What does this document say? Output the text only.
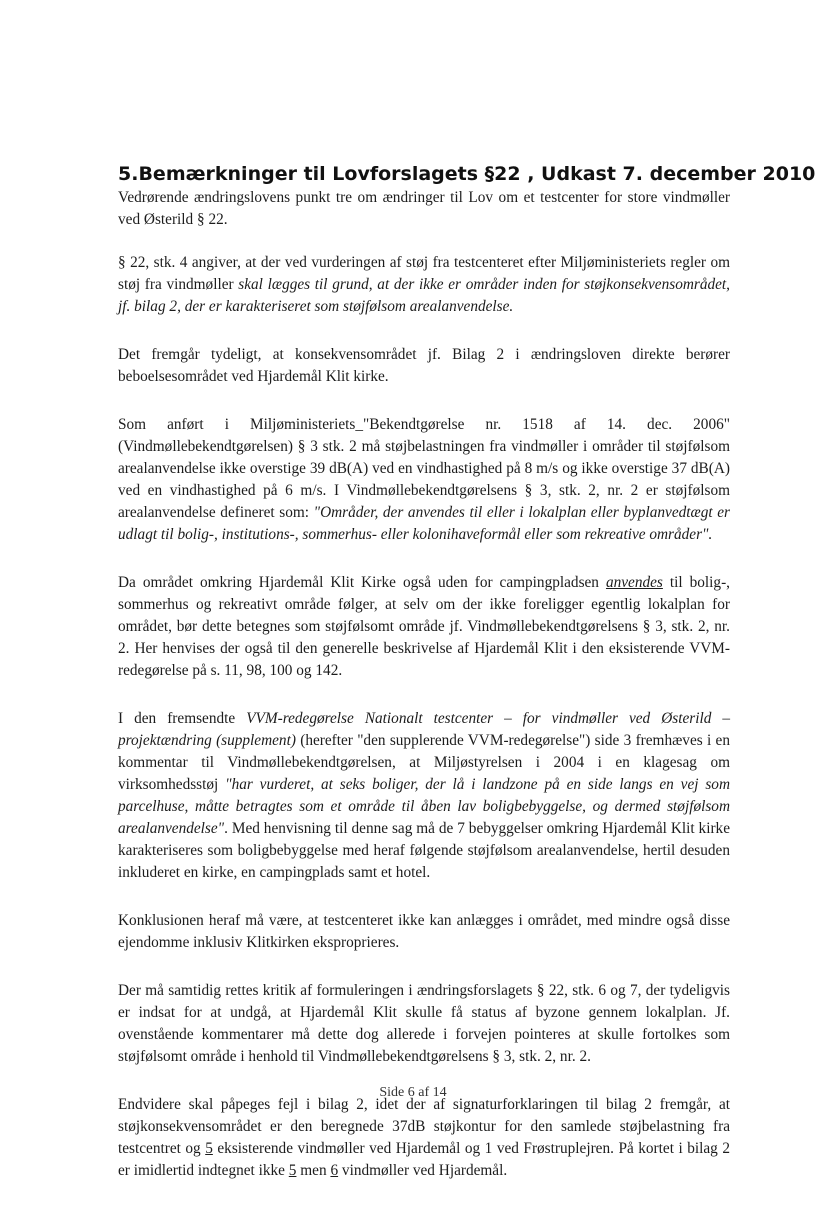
5. Bemærkninger til Lovforslagets §22 , Udkast 7. december 2010

Vedrørende ændringslovens punkt tre om ændringer til Lov om et testcenter for store vindmøller ved Østerild § 22.

§ 22, stk. 4 angiver, at der ved vurderingen af støj fra testcenteret efter Miljøministeriets regler om støj fra vindmøller skal lægges til grund, at der ikke er områder inden for støjkonsekvensområdet, jf. bilag 2, der er karakteriseret som støjfølsom arealanvendelse.

Det fremgår tydeligt, at konsekvensområdet jf. Bilag 2 i ændringsloven direkte berører beboelsesområdet ved Hjardemål Klit kirke.

Som anført i Miljøministeriets_"Bekendtgørelse nr. 1518 af 14. dec. 2006" (Vindmøllebekendtgørelsen) § 3 stk. 2 må støjbelastningen fra vindmøller i områder til støjfølsom arealanvendelse ikke overstige 39 dB(A) ved en vindhastighed på 8 m/s og ikke overstige 37 dB(A) ved en vindhastighed på 6 m/s. I Vindmøllebekendtgørelsens § 3, stk. 2, nr. 2 er støjfølsom arealanvendelse defineret som: "Områder, der anvendes til eller i lokalplan eller byplanvedtægt er udlagt til bolig-, institutions-, sommerhus- eller kolonihaveformål eller som rekreative områder".

Da området omkring Hjardemål Klit Kirke også uden for campingpladsen anvendes til bolig-, sommerhus og rekreativt område følger, at selv om der ikke foreligger egentlig lokalplan for området, bør dette betegnes som støjfølsomt område jf. Vindmøllebekendtgørelsens § 3, stk. 2, nr. 2. Her henvises der også til den generelle beskrivelse af Hjardemål Klit i den eksisterende VVM-redegørelse på s. 11, 98, 100 og 142.

I den fremsendte VVM-redegørelse Nationalt testcenter – for vindmøller ved Østerild – projektændring (supplement) (herefter "den supplerende VVM-redegørelse") side 3 fremhæves i en kommentar til Vindmøllebekendtgørelsen, at Miljøstyrelsen i 2004 i en klagesag om virksomhedsstøj "har vurderet, at seks boliger, der lå i landzone på en side langs en vej som parcelhuse, måtte betragtes som et område til åben lav boligbebyggelse, og dermed støjfølsom arealanvendelse". Med henvisning til denne sag må de 7 bebyggelser omkring Hjardemål Klit kirke karakteriseres som boligbebyggelse med heraf følgende støjfølsom arealanvendelse, hertil desuden inkluderet en kirke, en campingplads samt et hotel.

Konklusionen heraf må være, at testcenteret ikke kan anlægges i området, med mindre også disse ejendomme inklusiv Klitkirken eksproprieres.

Der må samtidig rettes kritik af formuleringen i ændringsforslagets § 22, stk. 6 og 7, der tydeligvis er indsat for at undgå, at Hjardemål Klit skulle få status af byzone gennem lokalplan. Jf. ovenstående kommentarer må dette dog allerede i forvejen pointeres at skulle fortolkes som støjfølsomt område i henhold til Vindmøllebekendtgørelsens § 3, stk. 2, nr. 2.

Endvidere skal påpeges fejl i bilag 2, idet der af signaturforklaringen til bilag 2 fremgår, at støjkonsekvensområdet er den beregnede 37dB støjkontur for den samlede støjbelastning fra testcentret og 5 eksisterende vindmøller ved Hjardemål og 1 ved Frøstruplejren. På kortet i bilag 2 er imidlertid indtegnet ikke 5 men 6 vindmøller ved Hjardemål.

Side 6 af 14
